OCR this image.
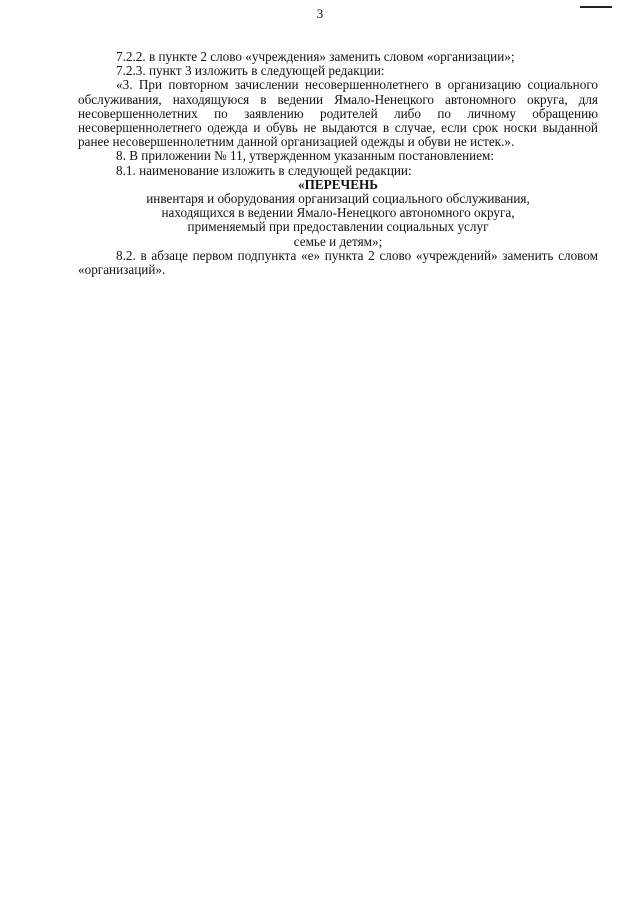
3

7.2.2. в пункте 2 слово «учреждения» заменить словом «организации»;

7.2.3. пункт 3 изложить в следующей редакции:

«3. При повторном зачислении несовершеннолетнего в организацию социального обслуживания, находящуюся в ведении Ямало-Ненецкого автономного округа, для несовершеннолетних по заявлению родителей либо по личному обращению несовершеннолетнего одежда и обувь не выдаются в случае, если срок носки выданной ранее несовершеннолетним данной организацией одежды и обуви не истек.».

8. В приложении № 11, утвержденном указанным постановлением:

8.1. наименование изложить в следующей редакции:

«ПЕРЕЧЕНЬ

инвентаря и оборудования организаций социального обслуживания,

находящихся в ведении Ямало-Ненецкого автономного округа,

применяемый при предоставлении социальных услуг

семье и детям»;

8.2. в абзаце первом подпункта «е» пункта 2 слово «учреждений» заменить словом «организаций».
